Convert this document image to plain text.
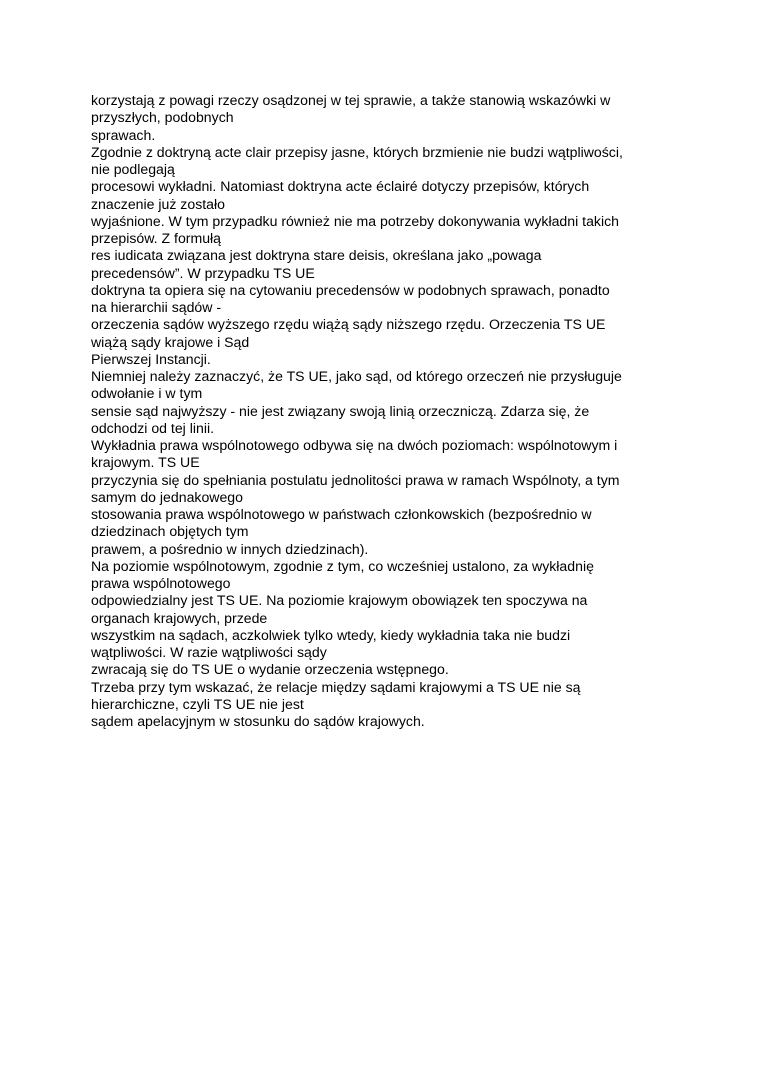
korzystają z powagi rzeczy osądzonej w tej sprawie, a także stanowią wskazówki w
przyszłych, podobnych
sprawach.
Zgodnie z doktryną acte clair przepisy jasne, których brzmienie nie budzi wątpliwości,
nie podlegają
procesowi wykładni. Natomiast doktryna acte éclairé dotyczy przepisów, których
znaczenie już zostało
wyjaśnione. W tym przypadku również nie ma potrzeby dokonywania wykładni takich
przepisów. Z formułą
res iudicata związana jest doktryna stare deisis, określana jako „powaga
precedensów”. W przypadku TS UE
doktryna ta opiera się na cytowaniu precedensów w podobnych sprawach, ponadto
na hierarchii sądów -
orzeczenia sądów wyższego rzędu wiążą sądy niższego rzędu. Orzeczenia TS UE
wiążą sądy krajowe i Sąd
Pierwszej Instancji.
Niemniej należy zaznaczyć, że TS UE, jako sąd, od którego orzeczeń nie przysługuje
odwołanie i w tym
sensie sąd najwyższy - nie jest związany swoją linią orzeczniczą. Zdarza się, że
odchodzi od tej linii.
Wykładnia prawa wspólnotowego odbywa się na dwóch poziomach: wspólnotowym i
krajowym. TS UE
przyczynia się do spełniania postulatu jednolitości prawa w ramach Wspólnoty, a tym
samym do jednakowego
stosowania prawa wspólnotowego w państwach członkowskich (bezpośrednio w
dziedzinach objętych tym
prawem, a pośrednio w innych dziedzinach).
Na poziomie wspólnotowym, zgodnie z tym, co wcześniej ustalono, za wykładnię
prawa wspólnotowego
odpowiedzialny jest TS UE. Na poziomie krajowym obowiązek ten spoczywa na
organach krajowych, przede
wszystkim na sądach, aczkolwiek tylko wtedy, kiedy wykładnia taka nie budzi
wątpliwości. W razie wątpliwości sądy
zwracają się do TS UE o wydanie orzeczenia wstępnego.
Trzeba przy tym wskazać, że relacje między sądami krajowymi a TS UE nie są
hierarchiczne, czyli TS UE nie jest
sądem apelacyjnym w stosunku do sądów krajowych.
